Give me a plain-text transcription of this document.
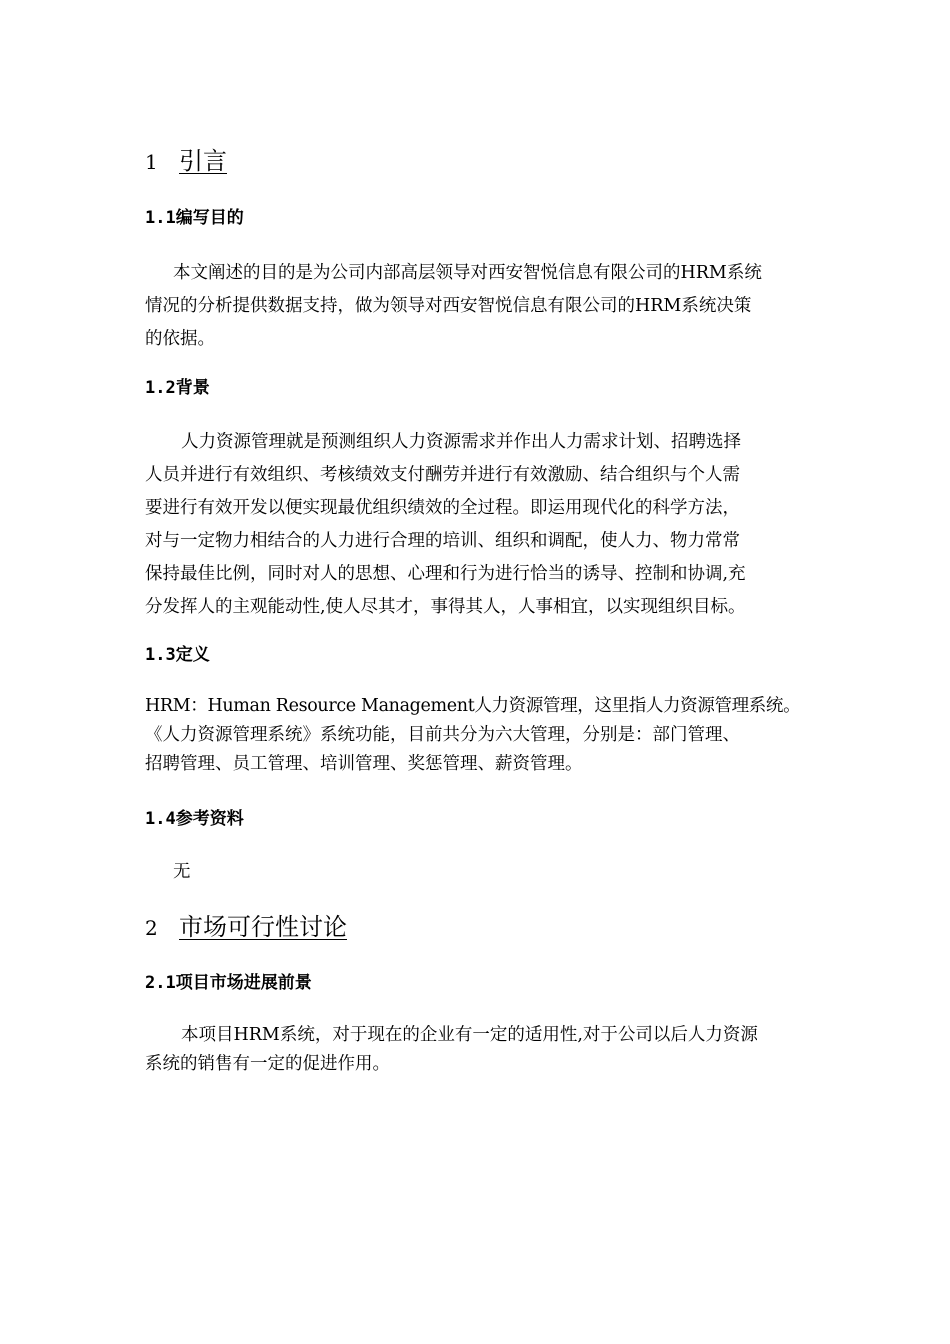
1 引言
1.1编写目的
本文阐述的目的是为公司内部高层领导对西安智悦信息有限公司的HRM系统
情况的分析提供数据支持，做为领导对西安智悦信息有限公司的HRM系统决策
的依据。
1.2背景
人力资源管理就是预测组织人力资源需求并作出人力需求计划、招聘选择
人员并进行有效组织、考核绩效支付酬劳并进行有效激励、结合组织与个人需
要进行有效开发以便实现最优组织绩效的全过程。即运用现代化的科学方法，
对与一定物力相结合的人力进行合理的培训、组织和调配，使人力、物力常常
保持最佳比例，同时对人的思想、心理和行为进行恰当的诱导、控制和协调,充
分发挥人的主观能动性,使人尽其才，事得其人，人事相宜，以实现组织目标。
1.3定义
HRM：Human Resource Management人力资源管理，这里指人力资源管理系统。
《人力资源管理系统》系统功能，目前共分为六大管理，分别是：部门管理、
招聘管理、员工管理、培训管理、奖惩管理、薪资管理。
1.4参考资料
无
2 市场可行性讨论
2.1项目市场进展前景
本项目HRM系统，对于现在的企业有一定的适用性,对于公司以后人力资源
系统的销售有一定的促进作用。
